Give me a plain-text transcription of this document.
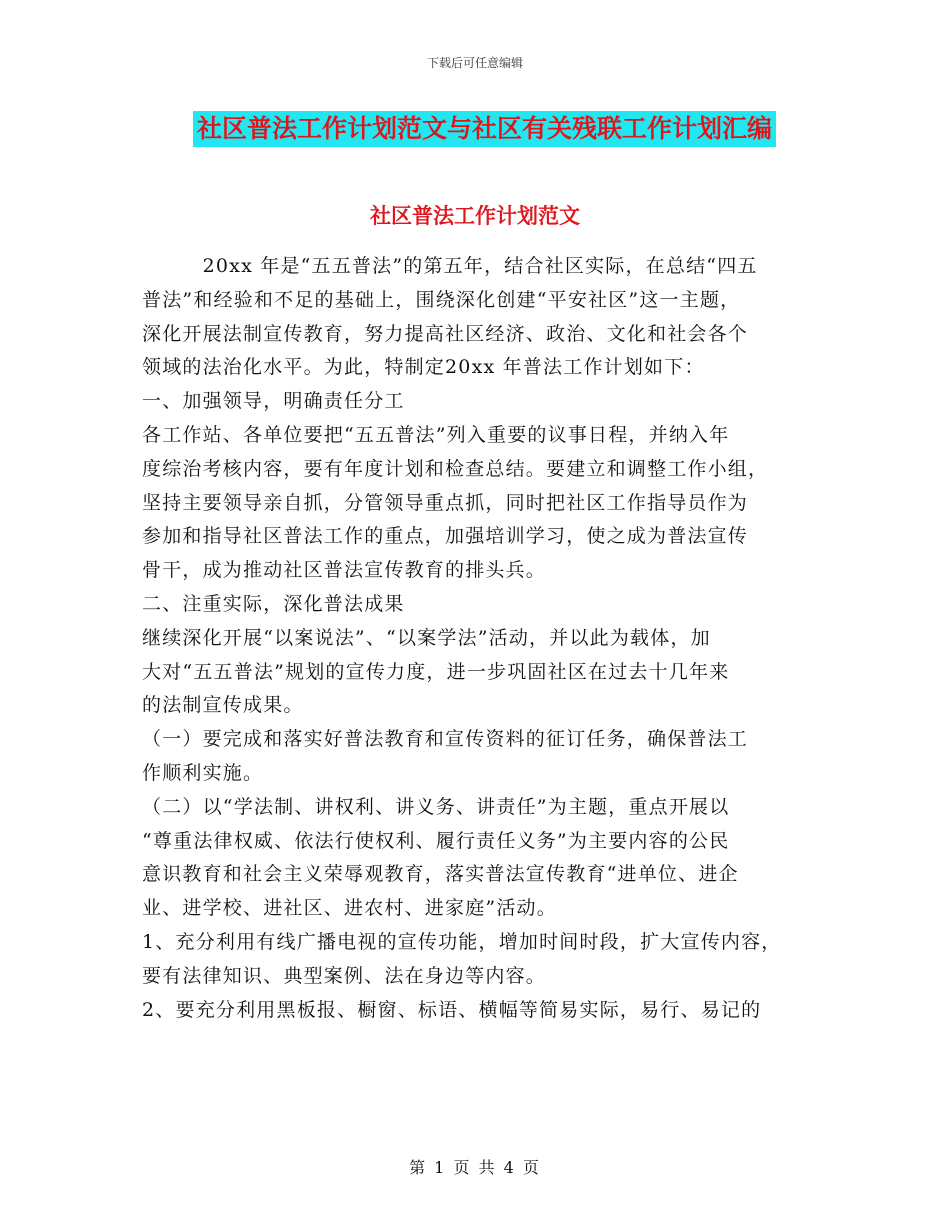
下载后可任意编辑
社区普法工作计划范文与社区有关残联工作计划汇编
社区普法工作计划范文
　　　20xx 年是“五五普法”的第五年，结合社区实际，在总结“四五
普法”和经验和不足的基础上，围绕深化创建“平安社区”这一主题，
深化开展法制宣传教育，努力提高社区经济、政治、文化和社会各个
领域的法治化水平。为此，特制定20xx 年普法工作计划如下：
一、加强领导，明确责任分工
各工作站、各单位要把“五五普法”列入重要的议事日程，并纳入年
度综治考核内容，要有年度计划和检查总结。要建立和调整工作小组，
坚持主要领导亲自抓，分管领导重点抓，同时把社区工作指导员作为
参加和指导社区普法工作的重点，加强培训学习，使之成为普法宣传
骨干，成为推动社区普法宣传教育的排头兵。
二、注重实际，深化普法成果
继续深化开展“以案说法”、“以案学法”活动，并以此为载体，加
大对“五五普法”规划的宣传力度，进一步巩固社区在过去十几年来
的法制宣传成果。
（一）要完成和落实好普法教育和宣传资料的征订任务，确保普法工
作顺利实施。
（二）以“学法制、讲权利、讲义务、讲责任”为主题，重点开展以
“尊重法律权威、依法行使权利、履行责任义务”为主要内容的公民
意识教育和社会主义荣辱观教育，落实普法宣传教育“进单位、进企
业、进学校、进社区、进农村、进家庭”活动。
1、充分利用有线广播电视的宣传功能，增加时间时段，扩大宣传内容，
要有法律知识、典型案例、法在身边等内容。
2、要充分利用黑板报、橱窗、标语、横幅等简易实际，易行、易记的
第 1 页 共 4 页
